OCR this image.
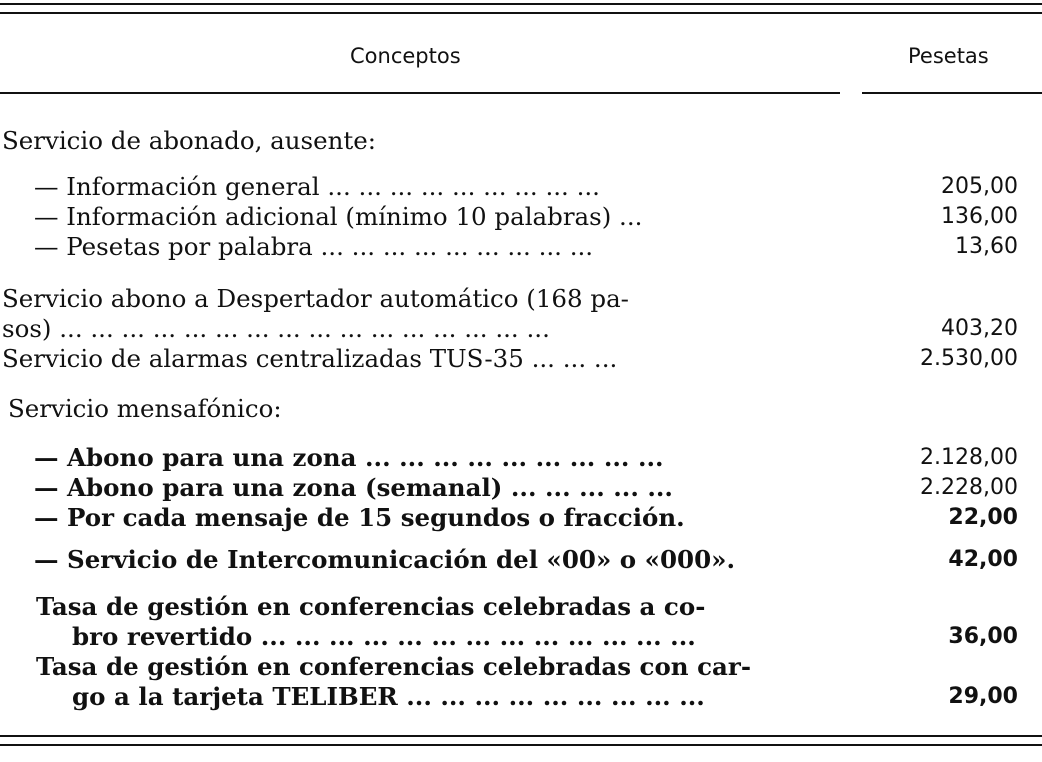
Conceptos	Pesetas
Servicio de abonado, ausente:
— Información general ... ... ... ... ... ... ... ... ...	205,00
— Información adicional (mínimo 10 palabras) ...	136,00
— Pesetas por palabra ... ... ... ... ... ... ... ... ...	13,60
Servicio abono a Despertador automático (168 pa-
sos) ... ... ... ... ... ... ... ... ... ... ... ... ... ... ... ...	403,20
Servicio de alarmas centralizadas TUS-35 ... ... ...	2.530,00
Servicio mensafónico:
— Abono para una zona ... ... ... ... ... ... ... ... ...	2.128,00
— Abono para una zona (semanal) ... ... ... ... ...	2.228,00
— Por cada mensaje de 15 segundos o fracción.	22,00
— Servicio de Intercomunicación del «00» o «000».	42,00
Tasa de gestión en conferencias celebradas a co-
bro revertido ... ... ... ... ... ... ... ... ... ... ... ... ...	36,00
Tasa de gestión en conferencias celebradas con car-
go a la tarjeta TELIBER ... ... ... ... ... ... ... ... ...	29,00
